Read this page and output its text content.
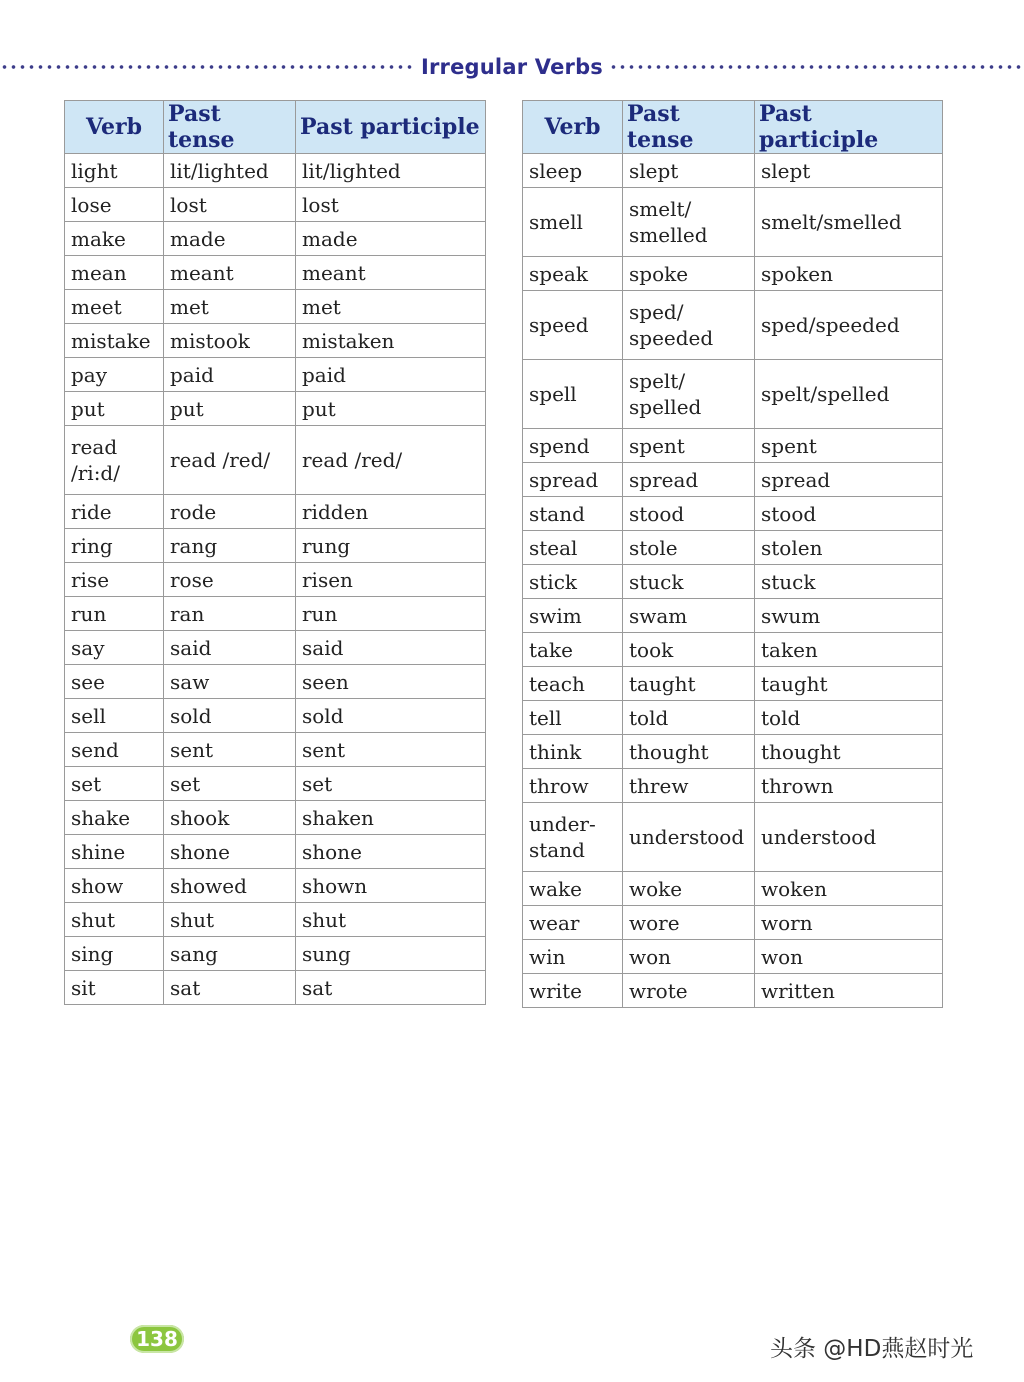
Irregular Verbs
Verb	Past tense	Past participle
light	lit/lighted	lit/lighted
lose	lost	lost
make	made	made
mean	meant	meant
meet	met	met
mistake	mistook	mistaken
pay	paid	paid
put	put	put
read /ri:d/	read /red/	read /red/
ride	rode	ridden
ring	rang	rung
rise	rose	risen
run	ran	run
say	said	said
see	saw	seen
sell	sold	sold
send	sent	sent
set	set	set
shake	shook	shaken
shine	shone	shone
show	showed	shown
shut	shut	shut
sing	sang	sung
sit	sat	sat
Verb	Past tense	Past participle
sleep	slept	slept
smell	smelt/ smelled	smelt/smelled
speak	spoke	spoken
speed	sped/ speeded	sped/speeded
spell	spelt/ spelled	spelt/spelled
spend	spent	spent
spread	spread	spread
stand	stood	stood
steal	stole	stolen
stick	stuck	stuck
swim	swam	swum
take	took	taken
teach	taught	taught
tell	told	told
think	thought	thought
throw	threw	thrown
under- stand	understood	understood
wake	woke	woken
wear	wore	worn
win	won	won
write	wrote	written
138	头条 @HD燕赵时光
